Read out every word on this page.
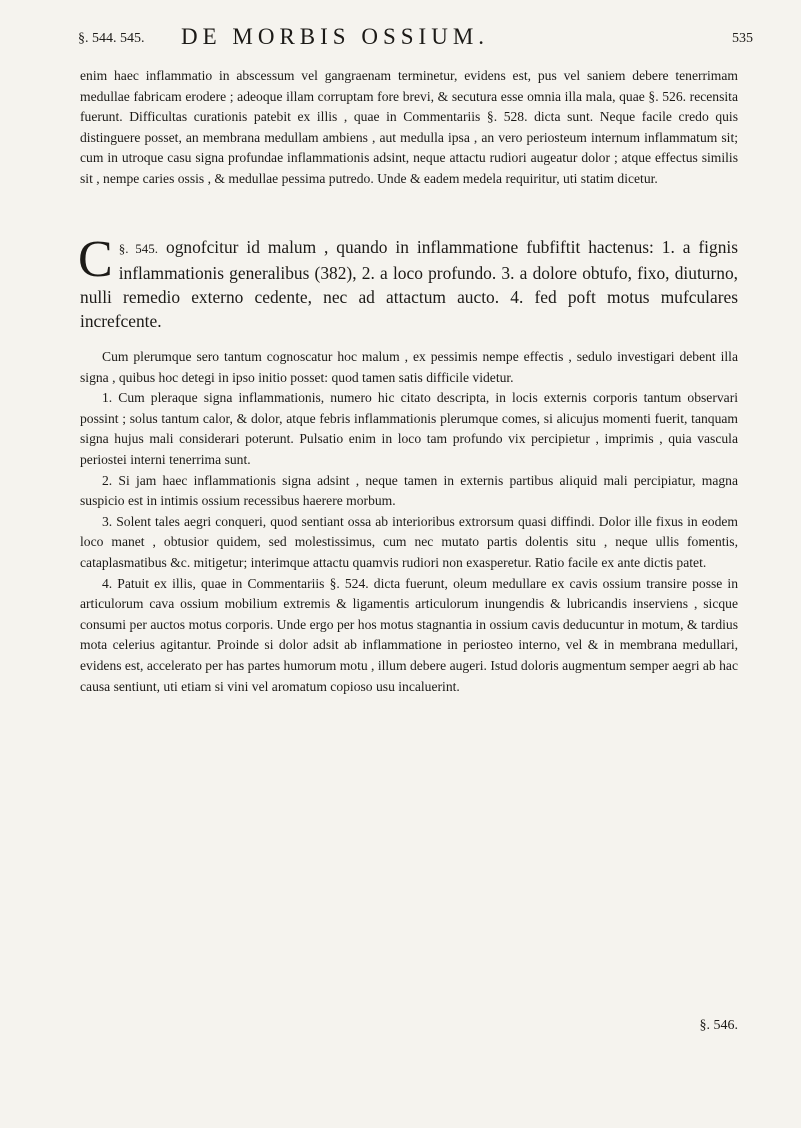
§. 544. 545. DE MORBIS OSSIUM.	535

enim haec inflammatio in abscessum vel gangraenam terminetur, evidens est, pus vel saniem debere tenerrimam medullae fabricam erodere ; adeoque illam corruptam fore brevi, & secutura esse omnia illa mala, quae §. 526. recensita fuerunt. Difficultas curationis patebit ex illis , quae in Commentariis §. 528. dicta sunt. Neque facile credo quis distinguere posset, an membrana medullam ambiens , aut medulla ipsa , an vero periosteum internum inflammatum sit; cum in utroque casu signa profundae inflammationis adsint, neque attactu rudiori augeatur dolor ; atque effectus similis sit , nempe caries ossis , & medullae pessima putredo. Unde & eadem medela requiritur, uti statim dicetur.

§. 545.
C	ognofcitur id malum , quando in inflammatione fubfiftit hactenus: 1. a fignis inflammationis generalibus (382), 2. a loco profundo. 3. a dolore obtufo, fixo, diuturno, nulli remedio externo cedente, nec ad attactum aucto. 4. fed poft motus mufculares increfcente.

Cum plerumque sero tantum cognoscatur hoc malum , ex pessimis nempe effectis , sedulo investigari debent illa signa , quibus hoc detegi in ipso initio posset: quod tamen satis difficile videtur.

1. Cum pleraque signa inflammationis, numero hic citato descripta, in locis externis corporis tantum observari possint ; solus tantum calor, & dolor, atque febris inflammationis plerumque comes, si alicujus momenti fuerit, tanquam signa hujus mali considerari poterunt. Pulsatio enim in loco tam profundo vix percipietur , imprimis , quia vascula periostei interni tenerrima sunt.

2. Si jam haec inflammationis signa adsint , neque tamen in externis partibus aliquid mali percipiatur, magna suspicio est in intimis ossium recessibus haerere morbum.

3. Solent tales aegri conqueri, quod sentiant ossa ab interioribus extrorsum quasi diffindi. Dolor ille fixus in eodem loco manet , obtusior quidem, sed molestissimus, cum nec mutato partis dolentis situ , neque ullis fomentis, cataplasmatibus &c. mitigetur; interimque attactu quamvis rudiori non exasperetur. Ratio facile ex ante dictis patet.

4. Patuit ex illis, quae in Commentariis §. 524. dicta fuerunt, oleum medullare ex cavis ossium transire posse in articulorum cava ossium mobilium extremis & ligamentis articulorum inungendis & lubricandis inserviens , sicque consumi per auctos motus corporis. Unde ergo per hos motus stagnantia in ossium cavis deducuntur in motum, & tardius mota celerius agitantur. Proinde si dolor adsit ab inflammatione in periosteo interno, vel & in membrana medullari, evidens est, accelerato per has partes humorum motu , illum debere augeri. Istud doloris augmentum semper aegri ab hac causa sentiunt, uti etiam si vini vel aromatum copioso usu incaluerint.

§. 546.
